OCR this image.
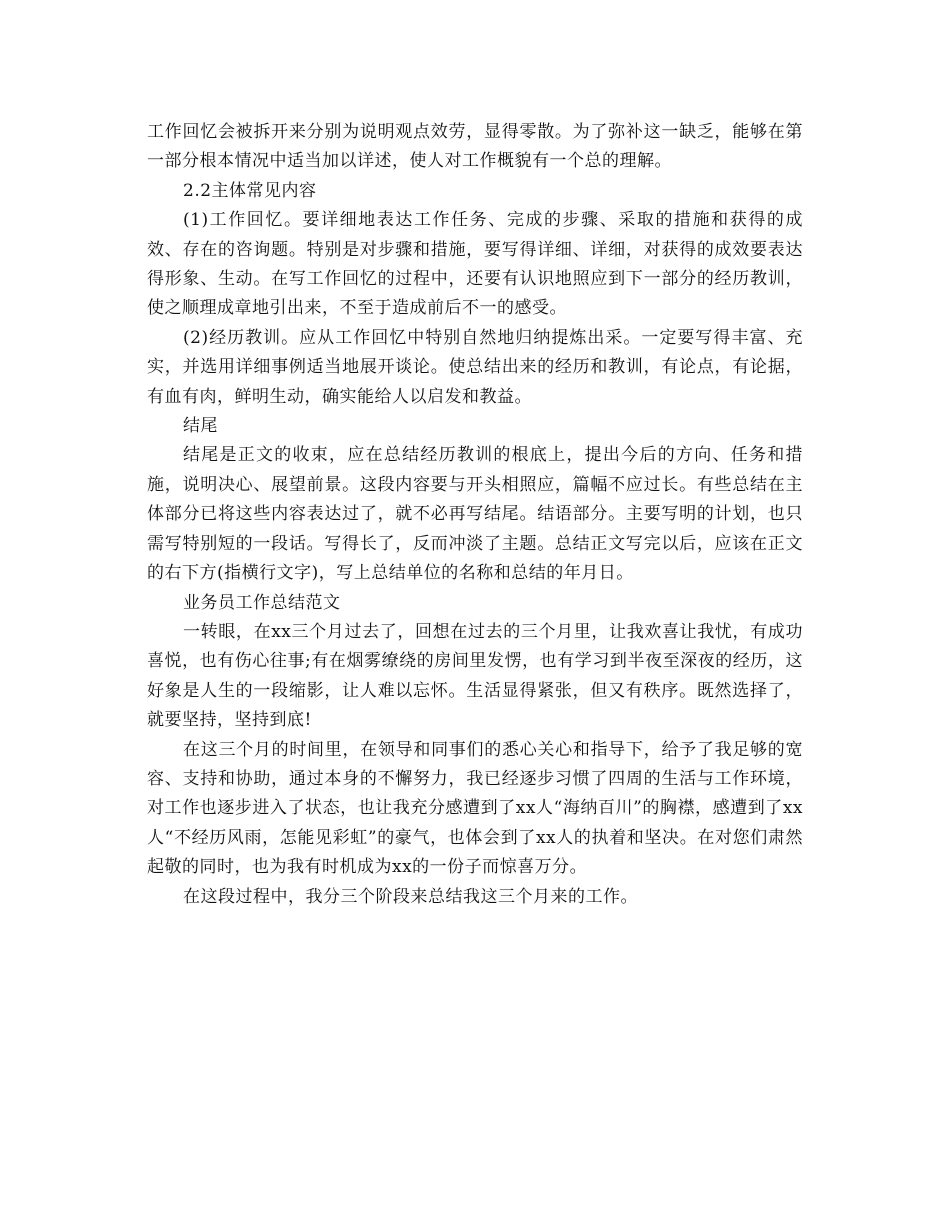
工作回忆会被拆开来分别为说明观点效劳，显得零散。为了弥补这一缺乏，能够在第一部分根本情况中适当加以详述，使人对工作概貌有一个总的理解。

2.2主体常见内容

(1)工作回忆。要详细地表达工作任务、完成的步骤、采取的措施和获得的成效、存在的咨询题。特别是对步骤和措施，要写得详细、详细，对获得的成效要表达得形象、生动。在写工作回忆的过程中，还要有认识地照应到下一部分的经历教训，使之顺理成章地引出来，不至于造成前后不一的感受。

(2)经历教训。应从工作回忆中特别自然地归纳提炼出采。一定要写得丰富、充实，并选用详细事例适当地展开谈论。使总结出来的经历和教训，有论点，有论据，有血有肉，鲜明生动，确实能给人以启发和教益。

结尾

结尾是正文的收束，应在总结经历教训的根底上，提出今后的方向、任务和措施，说明决心、展望前景。这段内容要与开头相照应，篇幅不应过长。有些总结在主体部分已将这些内容表达过了，就不必再写结尾。结语部分。主要写明的计划，也只需写特别短的一段话。写得长了，反而冲淡了主题。总结正文写完以后，应该在正文的右下方(指横行文字)，写上总结单位的名称和总结的年月日。

业务员工作总结范文

一转眼，在xx三个月过去了，回想在过去的三个月里，让我欢喜让我忧，有成功喜悦，也有伤心往事;有在烟雾缭绕的房间里发愣，也有学习到半夜至深夜的经历，这好象是人生的一段缩影，让人难以忘怀。生活显得紧张，但又有秩序。既然选择了，就要坚持，坚持到底!

在这三个月的时间里，在领导和同事们的悉心关心和指导下，给予了我足够的宽容、支持和协助，通过本身的不懈努力，我已经逐步习惯了四周的生活与工作环境，对工作也逐步进入了状态，也让我充分感遭到了xx人“海纳百川”的胸襟，感遭到了xx人“不经历风雨，怎能见彩虹”的豪气，也体会到了xx人的执着和坚决。在对您们肃然起敬的同时，也为我有时机成为xx的一份子而惊喜万分。

在这段过程中，我分三个阶段来总结我这三个月来的工作。
